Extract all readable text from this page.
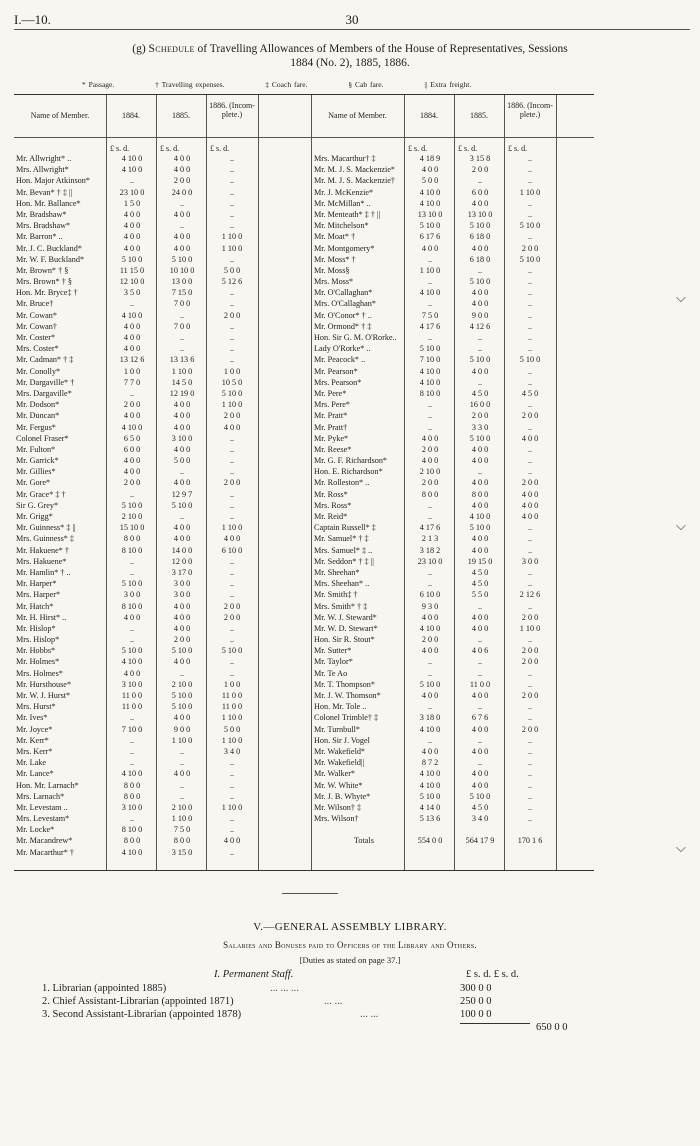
I.—10.	30
(g) Schedule of Travelling Allowances of Members of the House of Representatives, Sessions
1884 (No. 2), 1885, 1886.
* Passage.	† Travelling expenses.	‡ Coach fare.	§ Cab fare.	|| Extra freight.
Name of Member.	1884.	1885.
1886. (Incom- plete.)	Name of Member.	1884.	1885.
1886. (Incom- plete.)
£ s. d.	£ s. d.	£ s. d.	£ s. d.	£ s. d.	£ s. d.
Mr. Allwright* ..	4 10 0	4 0 0	..	Mrs. Macarthur† ‡	4 18 9	3 15 8	..
Mrs. Allwright*	4 10 0	4 0 0	..	Mr. M. J. S. Mackenzie*	4 0 0	2 0 0	..
Hon. Major Atkinson*	..	2 0 0	..	Mr. M. J. S. Mackenzie†	5 0 0	..	..
Mr. Bevan* † ‡ ||	23 10 0	24 0 0	..	Mr. J. McKenzie*	4 10 0	6 0 0	1 10 0
Hon. Mr. Ballance*	1 5 0	..	..	Mr. McMillan* ..	4 10 0	4 0 0	..
Mr. Bradshaw*	4 0 0	4 0 0	..	Mr. Menteath* ‡ † ||	13 10 0	13 10 0	..
Mrs. Bradshaw*	4 0 0	..	..	Mr. Mitchelson*	5 10 0	5 10 0	5 10 0
Mr. Barron* ..	4 0 0	4 0 0	1 10 0	Mr. Moat* †	6 17 6	6 18 0	..
Mr. J. C. Buckland*	4 0 0	4 0 0	1 10 0	Mr. Montgomery*	4 0 0	4 0 0	2 0 0
Mr. W. F. Buckland*	5 10 0	5 10 0	..	Mr. Moss* †	..	6 18 0	5 10 0
Mr. Brown* † §	11 15 0	10 10 0	5 0 0	Mr. Moss§	1 10 0	..	..
Mrs. Brown* † §	12 10 0	13 0 0	5 12 6	Mrs. Moss*	..	5 10 0	..
Hon. Mr. Bryce‡ †	3 5 0	7 15 0	..	Mr. O'Callaghan*	4 10 0	4 0 0	..
Mr. Bruce†	..	7 0 0	..	Mrs. O'Callaghan*	..	4 0 0	..
Mr. Cowan*	4 10 0	..	2 0 0	Mr. O'Conor* † ..	7 5 0	9 0 0	..
Mr. Cowan†	4 0 0	7 0 0	..	Mr. Ormond* † ‡	4 17 6	4 12 6	..
Mr. Coster*	4 0 0	..	..	Hon. Sir G. M. O'Rorke..	..	..	..
Mrs. Coster*	4 0 0	..	..	Lady O'Rorke* ..	5 10 0	..	..
Mr. Cadman* † ‡	13 12 6	13 13 6	..	Mr. Peacock* ..	7 10 0	5 10 0	5 10 0
Mr. Conolly*	1 0 0	1 10 0	1 0 0	Mr. Pearson*	4 10 0	4 0 0	..
Mr. Dargaville* †	7 7 0	14 5 0	10 5 0	Mrs. Pearson*	4 10 0	..	..
Mrs. Dargaville*	..	12 19 0	5 10 0	Mr. Pere*	8 10 0	4 5 0	4 5 0
Mr. Dodson*	2 0 0	4 0 0	1 10 0	Mrs. Pere*	..	16 0 0	..
Mr. Duncan*	4 0 0	4 0 0	2 0 0	Mr. Pratt*	..	2 0 0	2 0 0
Mr. Fergus*	4 10 0	4 0 0	4 0 0	Mr. Pratt†	..	3 3 0	..
Colonel Fraser*	6 5 0	3 10 0	..	Mr. Pyke*	4 0 0	5 10 0	4 0 0
Mr. Fulton*	6 0 0	4 0 0	..	Mr. Reese*	2 0 0	4 0 0	..
Mr. Garrick*	4 0 0	5 0 0	..	Mr. G. F. Richardson*	4 0 0	4 0 0	..
Mr. Gillies*	4 0 0	..	..	Hon. E. Richardson*	2 10 0	..	..
Mr. Gore*	2 0 0	4 0 0	2 0 0	Mr. Rolleston* ..	2 0 0	4 0 0	2 0 0
Mr. Grace* ‡ †	..	12 9 7	..	Mr. Ross*	8 0 0	8 0 0	4 0 0
Sir G. Grey*	5 10 0	5 10 0	..	Mrs. Ross*	..	4 0 0	4 0 0
Mr. Grigg*	2 10 0	..	..	Mr. Reid*	..	4 10 0	4 0 0
Mr. Guinness* ‡ ||	15 10 0	4 0 0	1 10 0	Captain Russell* ‡	4 17 6	5 10 0	..
Mrs. Guinness* ‡	8 0 0	4 0 0	4 0 0	Mr. Samuel* † ‡	2 1 3	4 0 0	..
Mr. Hakuene* †	8 10 0	14 0 0	6 10 0	Mrs. Samuel* ‡ ..	3 18 2	4 0 0	..
Mrs. Hakuene*	..	12 0 0	..	Mr. Seddon* † ‡ ||	23 10 0	19 15 0	3 0 0
Mr. Hamlin* † ..	..	3 17 0	..	Mr. Sheehan*	..	4 5 0	..
Mr. Harper*	5 10 0	3 0 0	..	Mrs. Sheehan* ..	..	4 5 0	..
Mrs. Harper*	3 0 0	3 0 0	..	Mr. Smith‡ †	6 10 0	5 5 0	2 12 6
Mr. Hatch*	8 10 0	4 0 0	2 0 0	Mrs. Smith* † ‡	9 3 0	..	..
Mr. H. Hirst* ..	4 0 0	4 0 0	2 0 0	Mr. W. J. Steward*	4 0 0	4 0 0	2 0 0
Mr. Hislop*	..	4 0 0	..	Mr. W. D. Stewart*	4 10 0	4 0 0	1 10 0
Mrs. Hislop*	..	2 0 0	..	Hon. Sir R. Stout*	2 0 0	..	..
Mr. Hobbs*	5 10 0	5 10 0	5 10 0	Mr. Sutter*	4 0 0	4 0 6	2 0 0
Mr. Holmes*	4 10 0	4 0 0	..	Mr. Taylor*	..	..	2 0 0
Mrs. Holmes*	4 0 0	..	..	Mr. Te Ao	..	..	..
Mr. Hursthouse*	3 10 0	2 10 0	1 0 0	Mr. T. Thompson*	5 10 0	11 0 0	..
Mr. W. J. Hurst*	11 0 0	5 10 0	11 0 0	Mr. J. W. Thomson*	4 0 0	4 0 0	2 0 0
Mrs. Hurst*	11 0 0	5 10 0	11 0 0	Hon. Mr. Tole ..	..	..	..
Mr. Ives*	..	4 0 0	1 10 0	Colonel Trimble† ‡	3 18 0	6 7 6	..
Mr. Joyce*	7 10 0	9 0 0	5 0 0	Mr. Turnbull*	4 10 0	4 0 0	2 0 0
Mr. Kerr*	..	1 10 0	1 10 0	Hon. Sir J. Vogel	..	..	..
Mrs. Kerr*	..	..	3 4 0	Mr. Wakefield*	4 0 0	4 0 0	..
Mr. Lake	..	..	..	Mr. Wakefield||	8 7 2	..	..
Mr. Lance*	4 10 0	4 0 0	..	Mr. Walker*	4 10 0	4 0 0	..
Hon. Mr. Larnach*	8 0 0	..	..	Mr. W. White*	4 10 0	4 0 0	..
Mrs. Larnach*	8 0 0	..	..	Mr. J. B. Whyte*	5 10 0	5 10 0	..
Mr. Levestam ..	3 10 0	2 10 0	1 10 0	Mr. Wilson† ‡	4 14 0	4 5 0	..
Mrs. Levestam*	..	1 10 0	..	Mrs. Wilson†	5 13 6	3 4 0	..
Mr. Locke*	8 10 0	7 5 0	..
Mr. Macandrew*	8 0 0	8 0 0	4 0 0	Totals	554 0 0	564 17 9	170 1 6
Mr. Macarthur* †	4 10 0	3 15 0	..
⌵
⌵
⌵
V.—GENERAL ASSEMBLY LIBRARY.
Salaries and Bonuses paid to Officers of the Library and Others.
[Duties as stated on page 37.]
I. Permanent Staff.	£ s. d. £ s. d.
1. Librarian (appointed 1885)	... ... ...	300 0 0
2. Chief Assistant-Librarian (appointed 1871)	... ...	250 0 0
3. Second Assistant-Librarian (appointed 1878)	... ...	100 0 0
650 0 0
